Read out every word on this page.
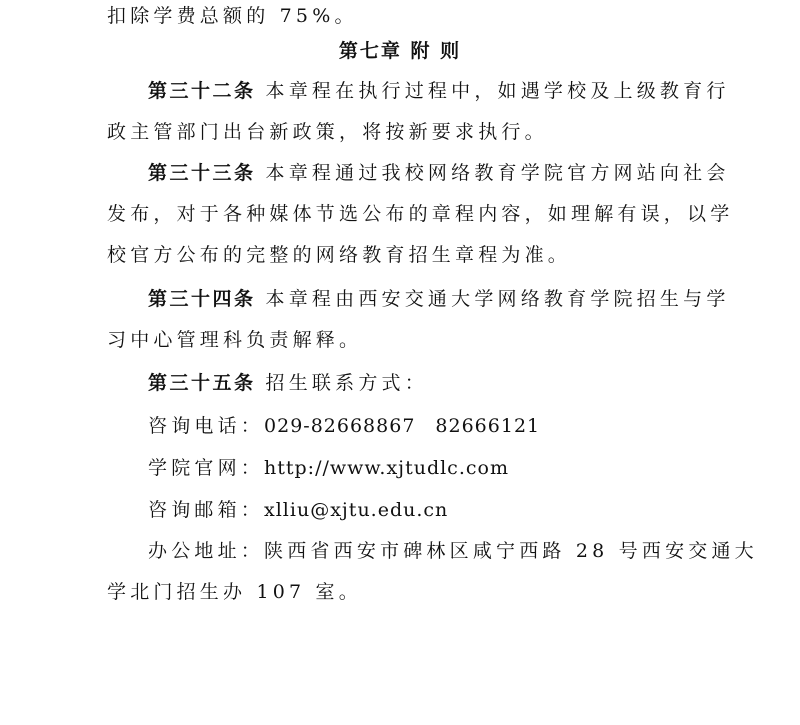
扣除学费总额的 75%。
第七章 附 则
第三十二条 本章程在执行过程中，如遇学校及上级教育行
政主管部门出台新政策，将按新要求执行。
第三十三条 本章程通过我校网络教育学院官方网站向社会
发布，对于各种媒体节选公布的章程内容，如理解有误，以学
校官方公布的完整的网络教育招生章程为准。
第三十四条 本章程由西安交通大学网络教育学院招生与学
习中心管理科负责解释。
第三十五条 招生联系方式：
咨询电话：029-82668867　82666121
学院官网：http://www.xjtudlc.com
咨询邮箱：xlliu@xjtu.edu.cn
办公地址：陕西省西安市碑林区咸宁西路 28 号西安交通大
学北门招生办 107 室。
